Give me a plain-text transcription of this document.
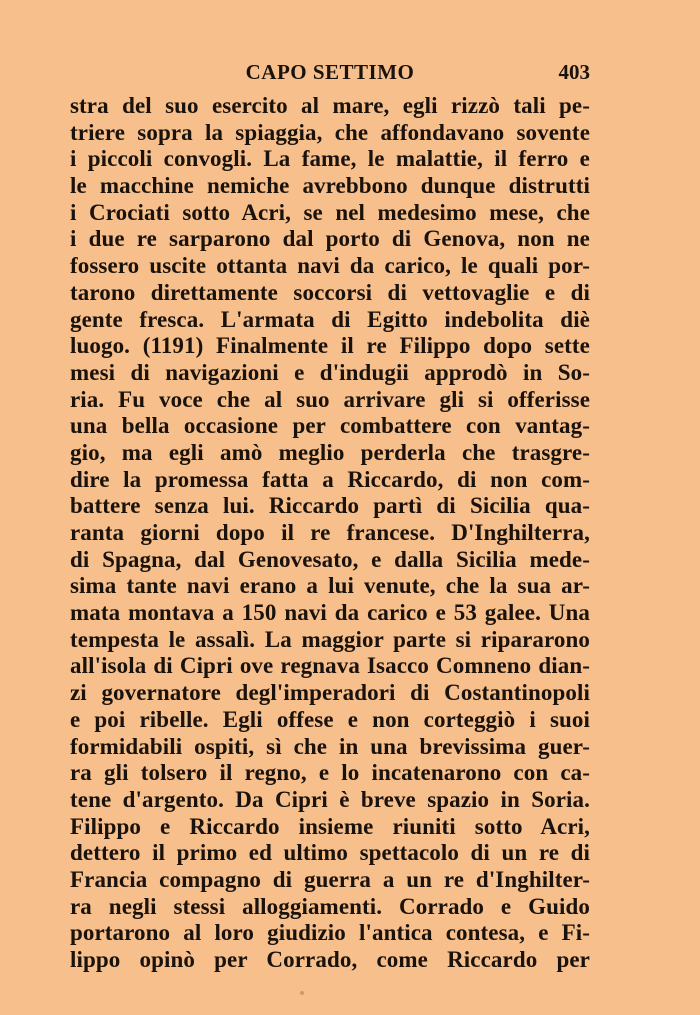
CAPO SETTIMO	403
stra del suo esercito al mare, egli rizzò tali pe-
triere sopra la spiaggia, che affondavano sovente
i piccoli convogli. La fame, le malattie, il ferro e
le macchine nemiche avrebbono dunque distrutti
i Crociati sotto Acri, se nel medesimo mese, che
i due re sarparono dal porto di Genova, non ne
fossero uscite ottanta navi da carico, le quali por-
tarono direttamente soccorsi di vettovaglie e di
gente fresca. L'armata di Egitto indebolita diè
luogo. (1191) Finalmente il re Filippo dopo sette
mesi di navigazioni e d'indugii approdò in So-
ria. Fu voce che al suo arrivare gli si offerisse
una bella occasione per combattere con vantag-
gio, ma egli amò meglio perderla che trasgre-
dire la promessa fatta a Riccardo, di non com-
battere senza lui. Riccardo partì di Sicilia qua-
ranta giorni dopo il re francese. D'Inghilterra,
di Spagna, dal Genovesato, e dalla Sicilia mede-
sima tante navi erano a lui venute, che la sua ar-
mata montava a 150 navi da carico e 53 galee. Una
tempesta le assalì. La maggior parte si ripararono
all'isola di Cipri ove regnava Isacco Comneno dian-
zi governatore degl'imperadori di Costantinopoli
e poi ribelle. Egli offese e non corteggiò i suoi
formidabili ospiti, sì che in una brevissima guer-
ra gli tolsero il regno, e lo incatenarono con ca-
tene d'argento. Da Cipri è breve spazio in Soria.
Filippo e Riccardo insieme riuniti sotto Acri,
dettero il primo ed ultimo spettacolo di un re di
Francia compagno di guerra a un re d'Inghilter-
ra negli stessi alloggiamenti. Corrado e Guido
portarono al loro giudizio l'antica contesa, e Fi-
lippo opinò per Corrado, come Riccardo per
